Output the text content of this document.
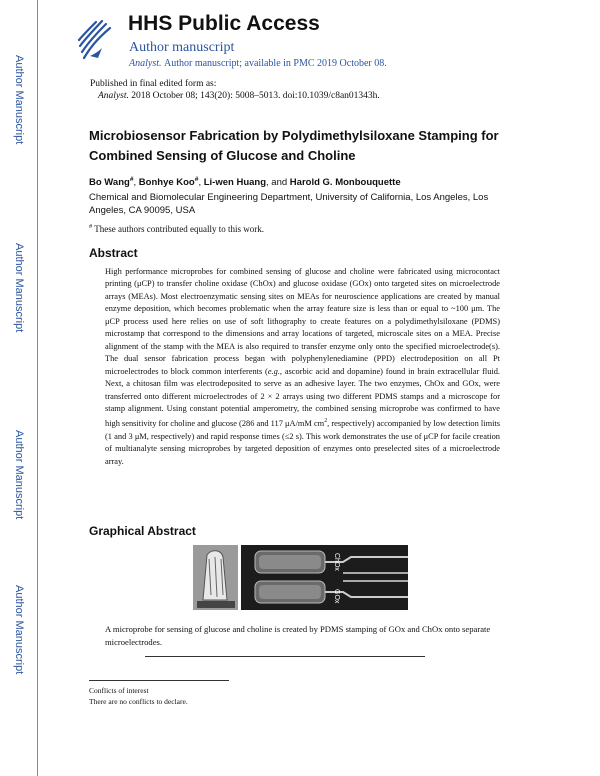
Author Manuscript
Author Manuscript
Author Manuscript
Author Manuscript
HHS Public Access
Author manuscript
Analyst. Author manuscript; available in PMC 2019 October 08.
Published in final edited form as:
Analyst. 2018 October 08; 143(20): 5008–5013. doi:10.1039/c8an01343h.
Microbiosensor Fabrication by Polydimethylsiloxane Stamping for Combined Sensing of Glucose and Choline
Bo Wang#, Bonhye Koo#, Li-wen Huang, and Harold G. Monbouquette
Chemical and Biomolecular Engineering Department, University of California, Los Angeles, Los Angeles, CA 90095, USA
# These authors contributed equally to this work.
Abstract
High performance microprobes for combined sensing of glucose and choline were fabricated using microcontact printing (μCP) to transfer choline oxidase (ChOx) and glucose oxidase (GOx) onto targeted sites on microelectrode arrays (MEAs). Most electroenzymatic sensing sites on MEAs for neuroscience applications are created by manual enzyme deposition, which becomes problematic when the array feature size is less than or equal to ~100 μm. The μCP process used here relies on use of soft lithography to create features on a polydimethylsiloxane (PDMS) microstamp that correspond to the dimensions and array locations of targeted, microscale sites on a MEA. Precise alignment of the stamp with the MEA is also required to transfer enzyme only onto the specified microelectrode(s). The dual sensor fabrication process began with polyphenylenediamine (PPD) electrodeposition on all Pt microelectrodes to block common interferents (e.g., ascorbic acid and dopamine) found in brain extracellular fluid. Next, a chitosan film was electrodeposited to serve as an adhesive layer. The two enzymes, ChOx and GOx, were transferred onto different microelectrodes of 2 × 2 arrays using two different PDMS stamps and a microscope for stamp alignment. Using constant potential amperometry, the combined sensing microprobe was confirmed to have high sensitivity for choline and glucose (286 and 117 μA/mM $cm^2$, respectively) accompanied by low detection limits (1 and 3 μM, respectively) and rapid response times (≤2 s). This work demonstrates the use of μCP for facile creation of multianalyte sensing microprobes by targeted deposition of enzymes onto preselected sites of a microelectrode array.
Graphical Abstract
ChOx
GOx
A microprobe for sensing of glucose and choline is created by PDMS stamping of GOx and ChOx onto separate microelectrodes.
Conflicts of interest
There are no conflicts to declare.
